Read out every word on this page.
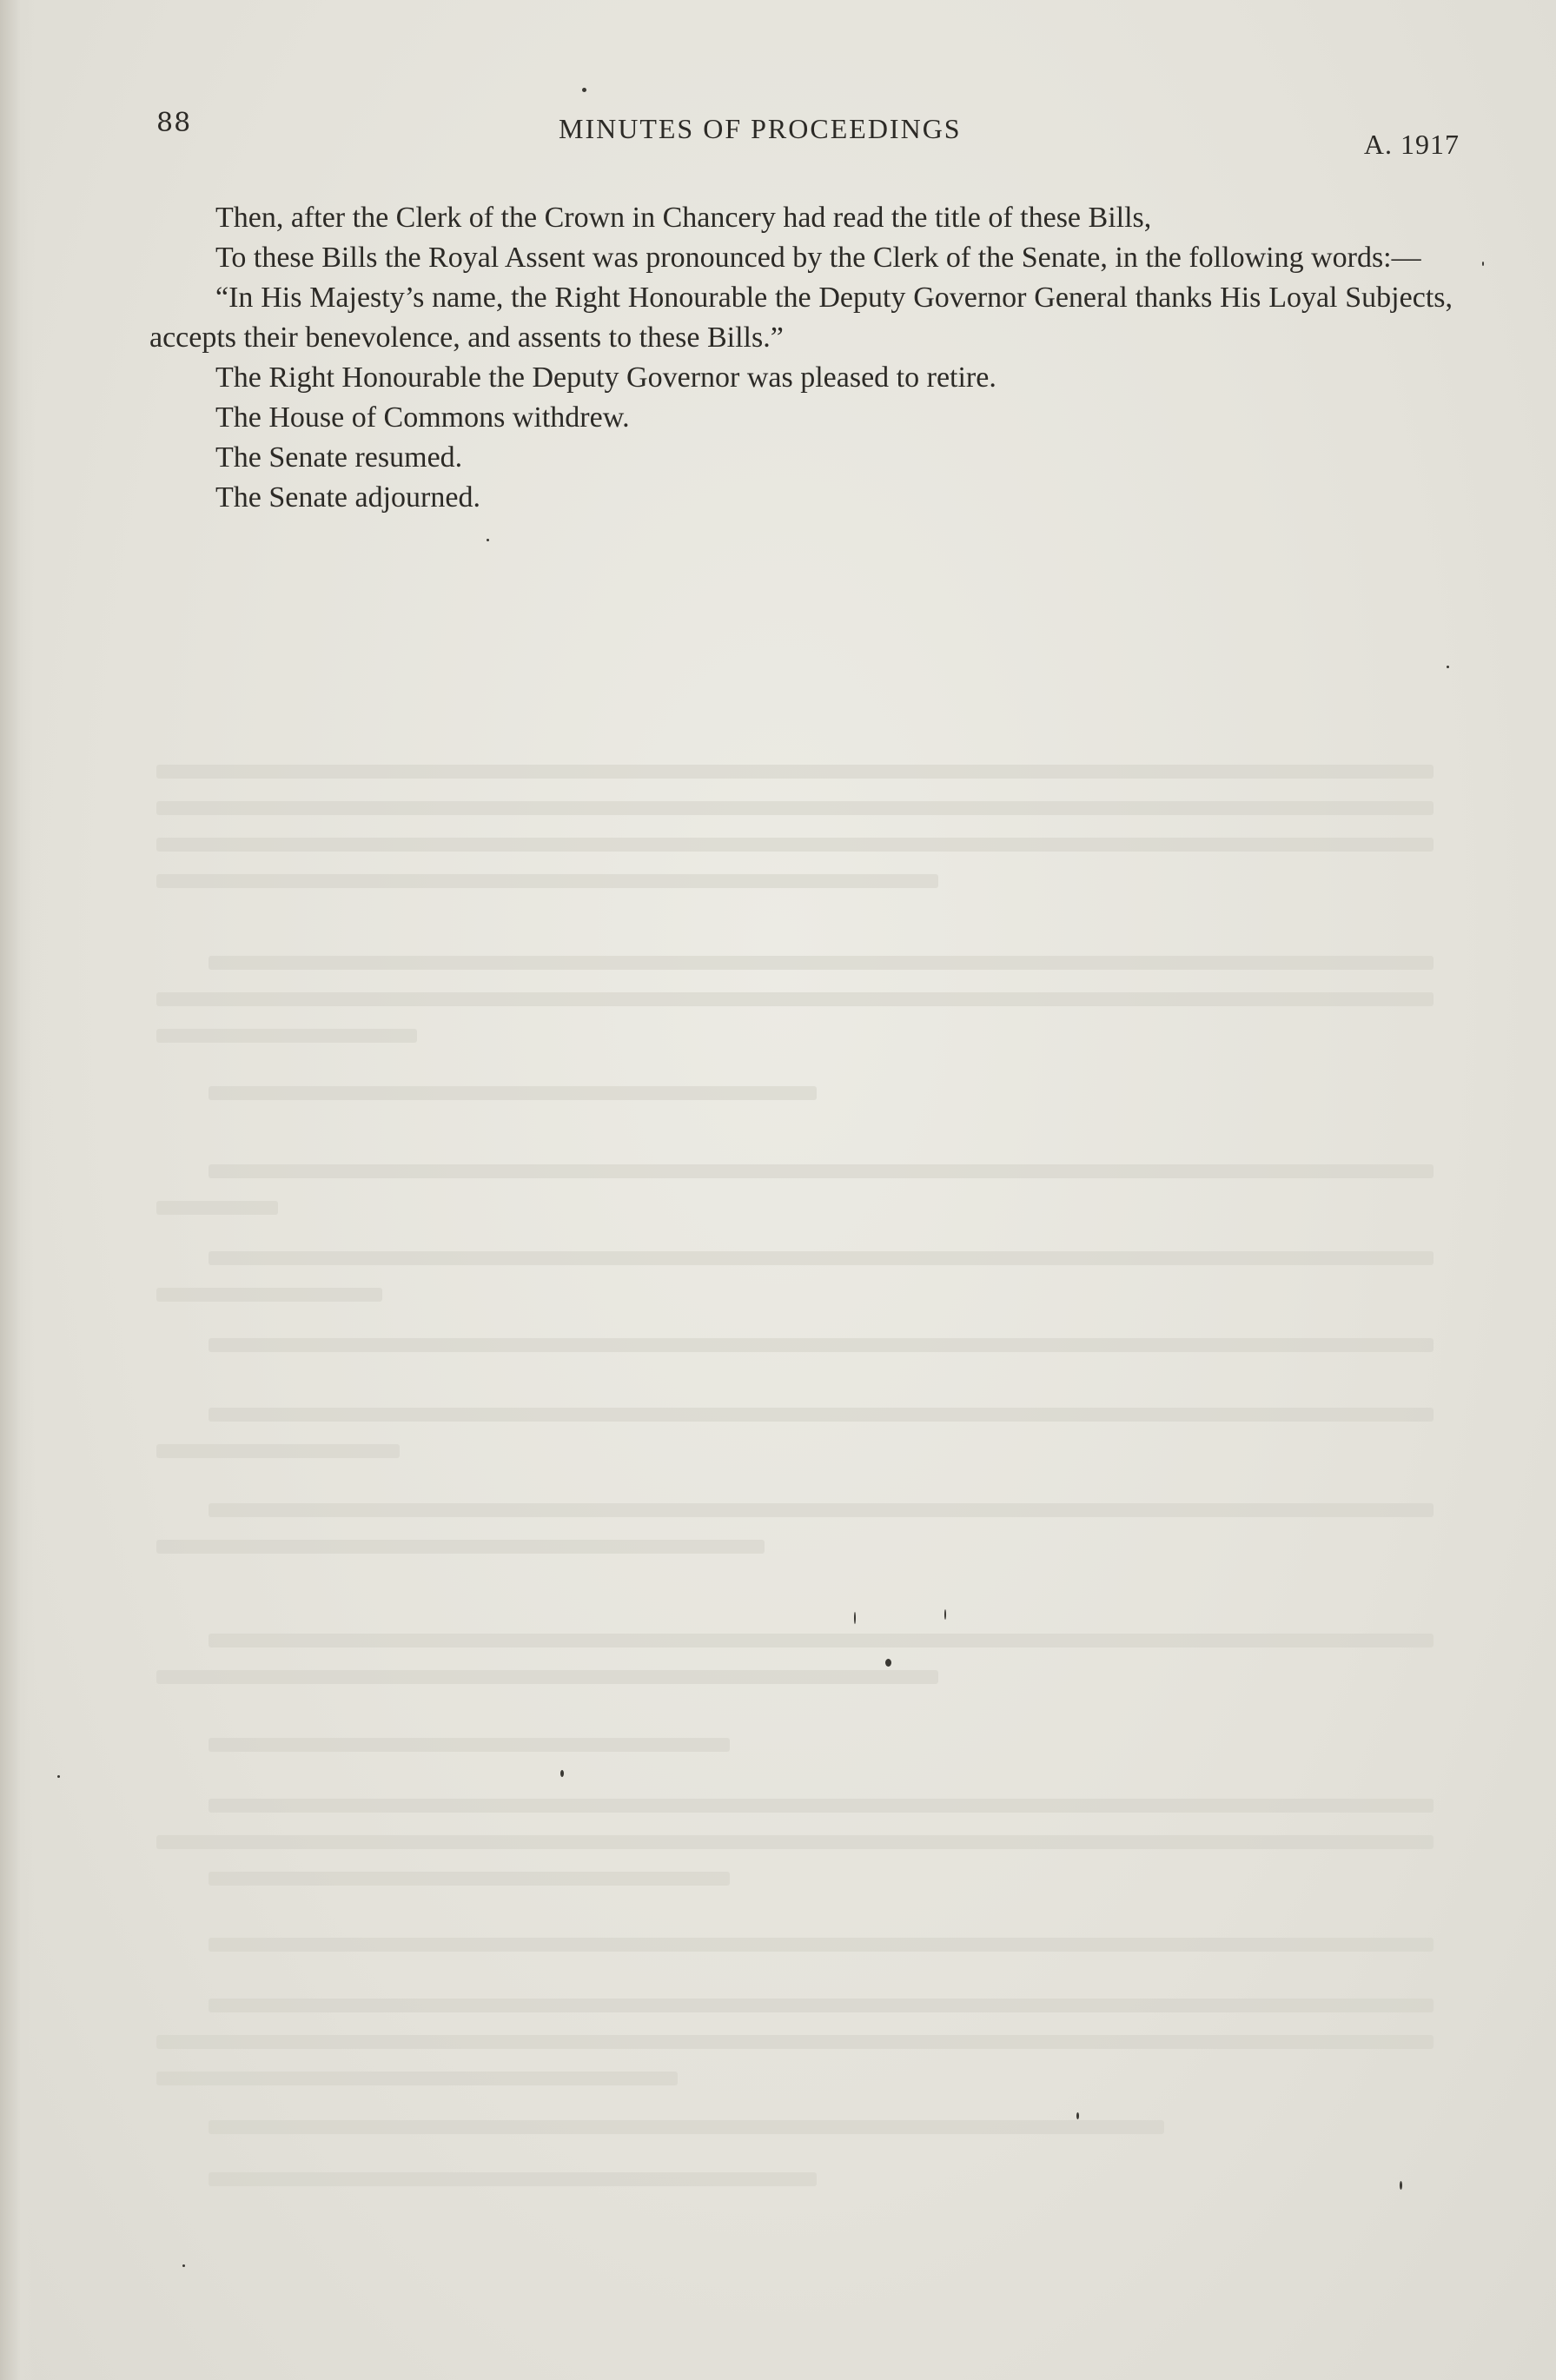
88	MINUTES OF PROCEEDINGS	A. 1917

Then, after the Clerk of the Crown in Chancery had read the title of these Bills,

To these Bills the Royal Assent was pronounced by the Clerk of the Senate, in the following words:—

“In His Majesty’s name, the Right Honourable the Deputy Governor General thanks His Loyal Subjects, accepts their benevolence, and assents to these Bills.”

The Right Honourable the Deputy Governor was pleased to retire.

The House of Commons withdrew.

The Senate resumed.

The Senate adjourned.
